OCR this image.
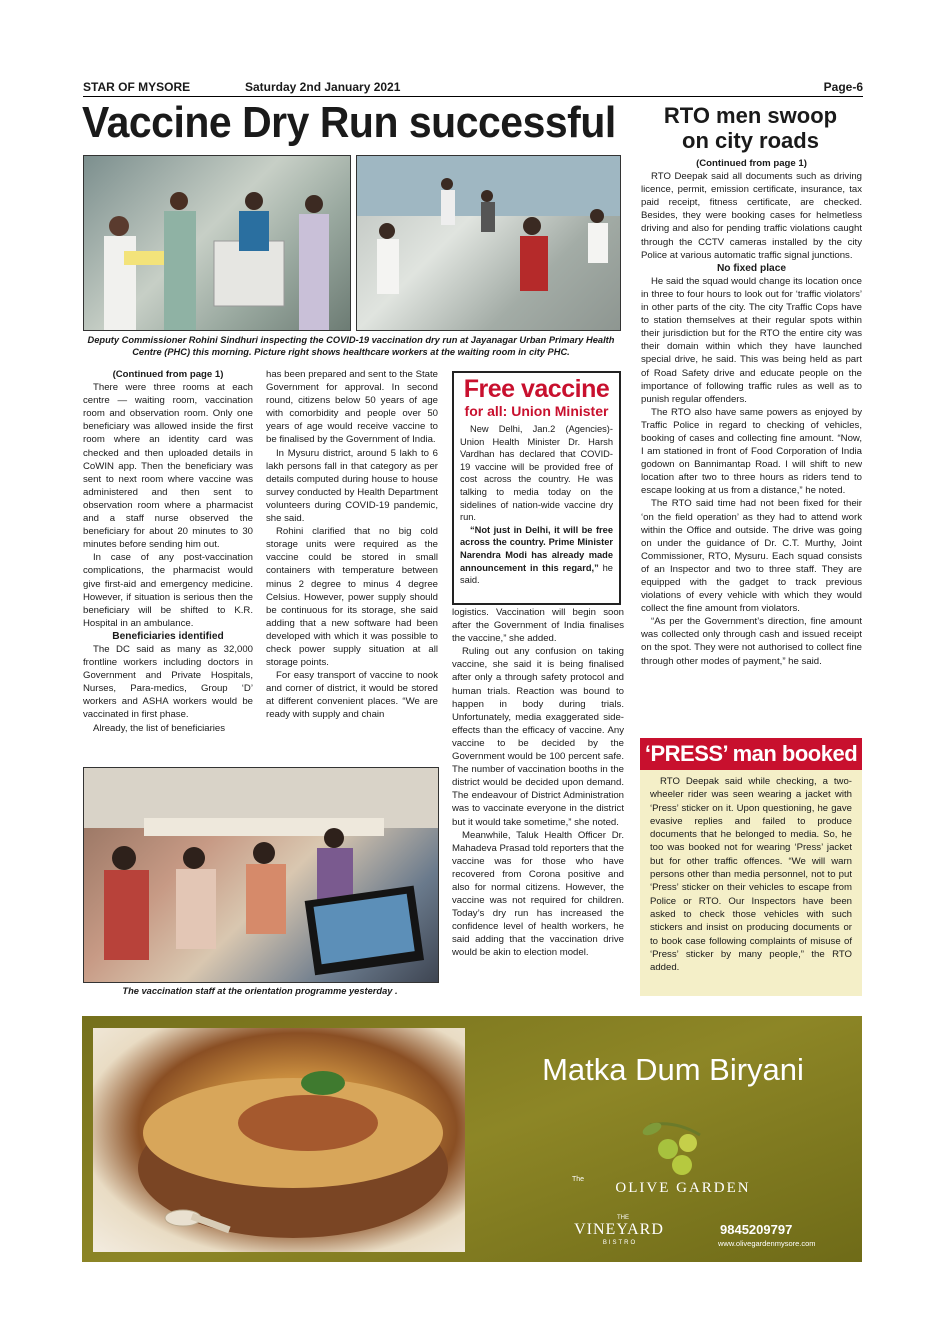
STAR OF MYSORE	Saturday 2nd January 2021	Page-6
Vaccine Dry Run successful
Deputy Commissioner Rohini Sindhuri inspecting the COVID-19 vaccination dry run at Jayanagar Urban Primary Health Centre (PHC) this morning. Picture right shows healthcare workers at the waiting room in city PHC.

(Continued from page 1)

There were three rooms at each centre — waiting room, vaccination room and observation room. Only one beneficiary was allowed inside the first room where an identity card was checked and then uploaded details in CoWIN app. Then the beneficiary was sent to next room where vaccine was administered and then sent to observation room where a pharmacist and a staff nurse observed the beneficiary for about 20 minutes to 30 minutes before sending him out.

In case of any post-vaccination complications, the pharmacist would give first-aid and emergency medicine. However, if situation is serious then the beneficiary will be shifted to K.R. Hospital in an ambulance.

Beneficiaries identified

The DC said as many as 32,000 frontline workers including doctors in Government and Private Hospitals, Nurses, Para-medics, Group ‘D’ workers and ASHA workers would be vaccinated in first phase.

Already, the list of beneficiaries

has been prepared and sent to the State Government for approval. In second round, citizens below 50 years of age with comorbidity and people over 50 years of age would receive vaccine to be finalised by the Government of India.

In Mysuru district, around 5 lakh to 6 lakh persons fall in that category as per details computed during house to house survey conducted by Health Department volunteers during COVID-19 pandemic, she said.

Rohini clarified that no big cold storage units were required as the vaccine could be stored in small containers with temperature between minus 2 degree to minus 4 degree Celsius. However, power supply should be continuous for its storage, she said adding that a new software had been developed with which it was possible to check power supply situation at all storage points.

For easy transport of vaccine to nook and corner of district, it would be stored at different convenient places. “We are ready with supply and chain

Free vaccine
for all: Union Minister

New Delhi, Jan.2 (Agencies)- Union Health Minister Dr. Harsh Vardhan has declared that COVID-19 vaccine will be provided free of cost across the country. He was talking to media today on the sidelines of nation-wide vaccine dry run.

“Not just in Delhi, it will be free across the country. Prime Minister Narendra Modi has already made announcement in this regard,” he said.

logistics. Vaccination will begin soon after the Government of India finalises the vaccine,” she added.

Ruling out any confusion on taking vaccine, she said it is being finalised after only a through safety protocol and human trials. Reaction was bound to happen in body during trials. Unfortunately, media exaggerated side-effects than the efficacy of vaccine. Any vaccine to be decided by the Government would be 100 percent safe. The number of vaccination booths in the district would be decided upon demand. The endeavour of District Administration was to vaccinate everyone in the district but it would take sometime,” she noted.

Meanwhile, Taluk Health Officer Dr. Mahadeva Prasad told reporters that the vaccine was for those who have recovered from Corona positive and also for normal citizens. However, the vaccine was not required for children. Today’s dry run has increased the confidence level of health workers, he said adding that the vaccination drive would be akin to election model.

The vaccination staff at the orientation programme yesterday .
RTO men swoop
on city roads

(Continued from page 1)

RTO Deepak said all documents such as driving licence, permit, emission certificate, insurance, tax paid receipt, fitness certificate, are checked. Besides, they were booking cases for helmetless driving and also for pending traffic violations caught through the CCTV cameras installed by the city Police at various automatic traffic signal junctions.

No fixed place

He said the squad would change its location once in three to four hours to look out for ‘traffic violators’ in other parts of the city. The city Traffic Cops have to station themselves at their regular spots within their jurisdiction but for the RTO the entire city was their domain within which they have launched special drive, he said. This was being held as part of Road Safety drive and educate people on the importance of following traffic rules as well as to punish regular offenders.

The RTO also have same powers as enjoyed by Traffic Police in regard to checking of vehicles, booking of cases and collecting fine amount. “Now, I am stationed in front of Food Corporation of India godown on Bannimantap Road. I will shift to new location after two to three hours as riders tend to escape looking at us from a distance,” he noted.

The RTO said time had not been fixed for their ‘on the field operation’ as they had to attend work within the Office and outside. The drive was going on under the guidance of Dr. C.T. Murthy, Joint Commissioner, RTO, Mysuru. Each squad consists of an Inspector and two to three staff. They are equipped with the gadget to track previous violations of every vehicle with which they would collect the fine amount from violators.

“As per the Government’s direction, fine amount was collected only through cash and issued receipt on the spot. They were not authorised to collect fine through other modes of payment,” he said.

‘PRESS’ man booked

RTO Deepak said while checking, a two-wheeler rider was seen wearing a jacket with ‘Press’ sticker on it. Upon questioning, he gave evasive replies and failed to produce documents that he belonged to media. So, he too was booked not for wearing ‘Press’ jacket but for other traffic offences. “We will warn persons other than media personnel, not to put ‘Press’ sticker on their vehicles to escape from Police or RTO. Our Inspectors have been asked to check those vehicles with such stickers and insist on producing documents or to book case following complaints of misuse of ‘Press’ sticker by many people,” the RTO added.

Matka Dum Biryani
The
OLIVE GARDEN
THE
VINEYARD
BISTRO
9845209797
www.olivegardenmysore.com
